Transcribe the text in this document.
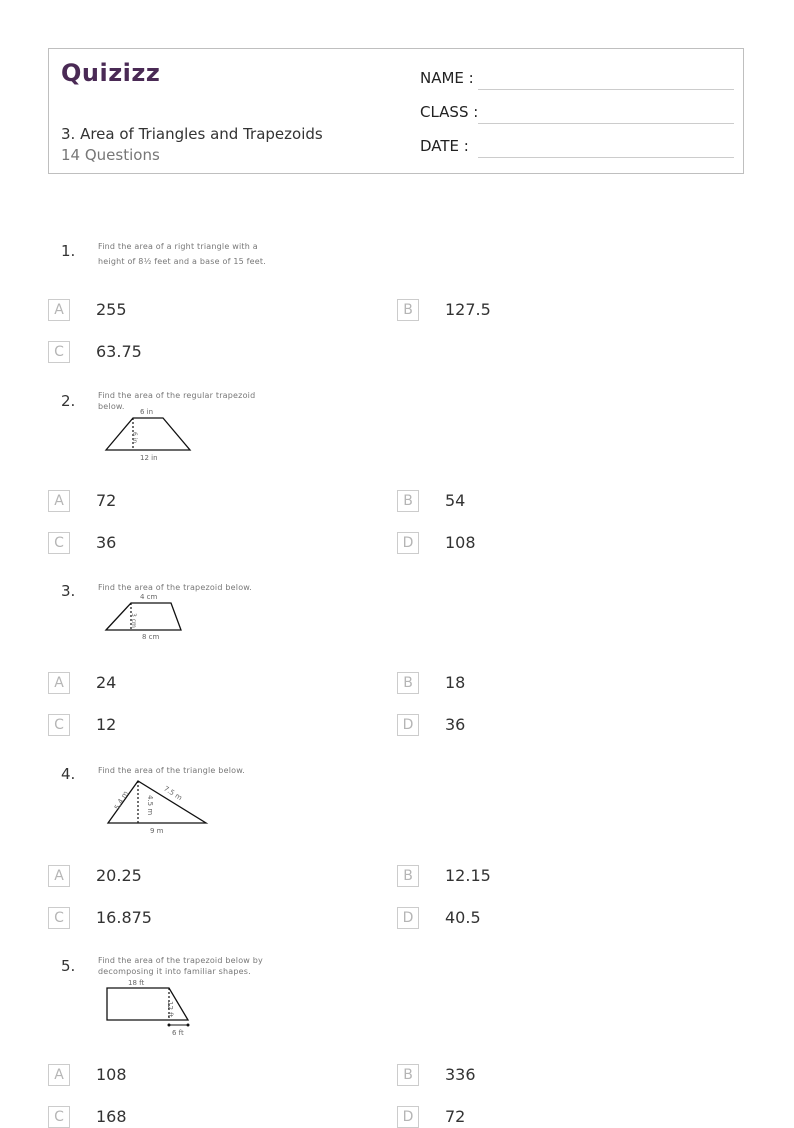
Quizizz
3. Area of Triangles and Trapezoids
14 Questions
NAME :
CLASS :
DATE :
1.	Find the area of a right triangle with a
height of 8½ feet and a base of 15 feet.
A	255	B	127.5
C	63.75
2.	Find the area of the regular trapezoid
below.
6 in
6 in
12 in
A	72	B	54
C	36	D	108
3.	Find the area of the trapezoid below.
4 cm
3 cm
8 cm
A	24	B	18
C	12	D	36
4.	Find the area of the triangle below.
5.4 m 4.5 m
7.5 m
9 m
A	20.25	B	12.15
C	16.875	D	40.5
5.	Find the area of the trapezoid below by
decomposing it into familiar shapes.
18 ft
12 ft
6 ft
A	108	B	336
C	168	D	72
